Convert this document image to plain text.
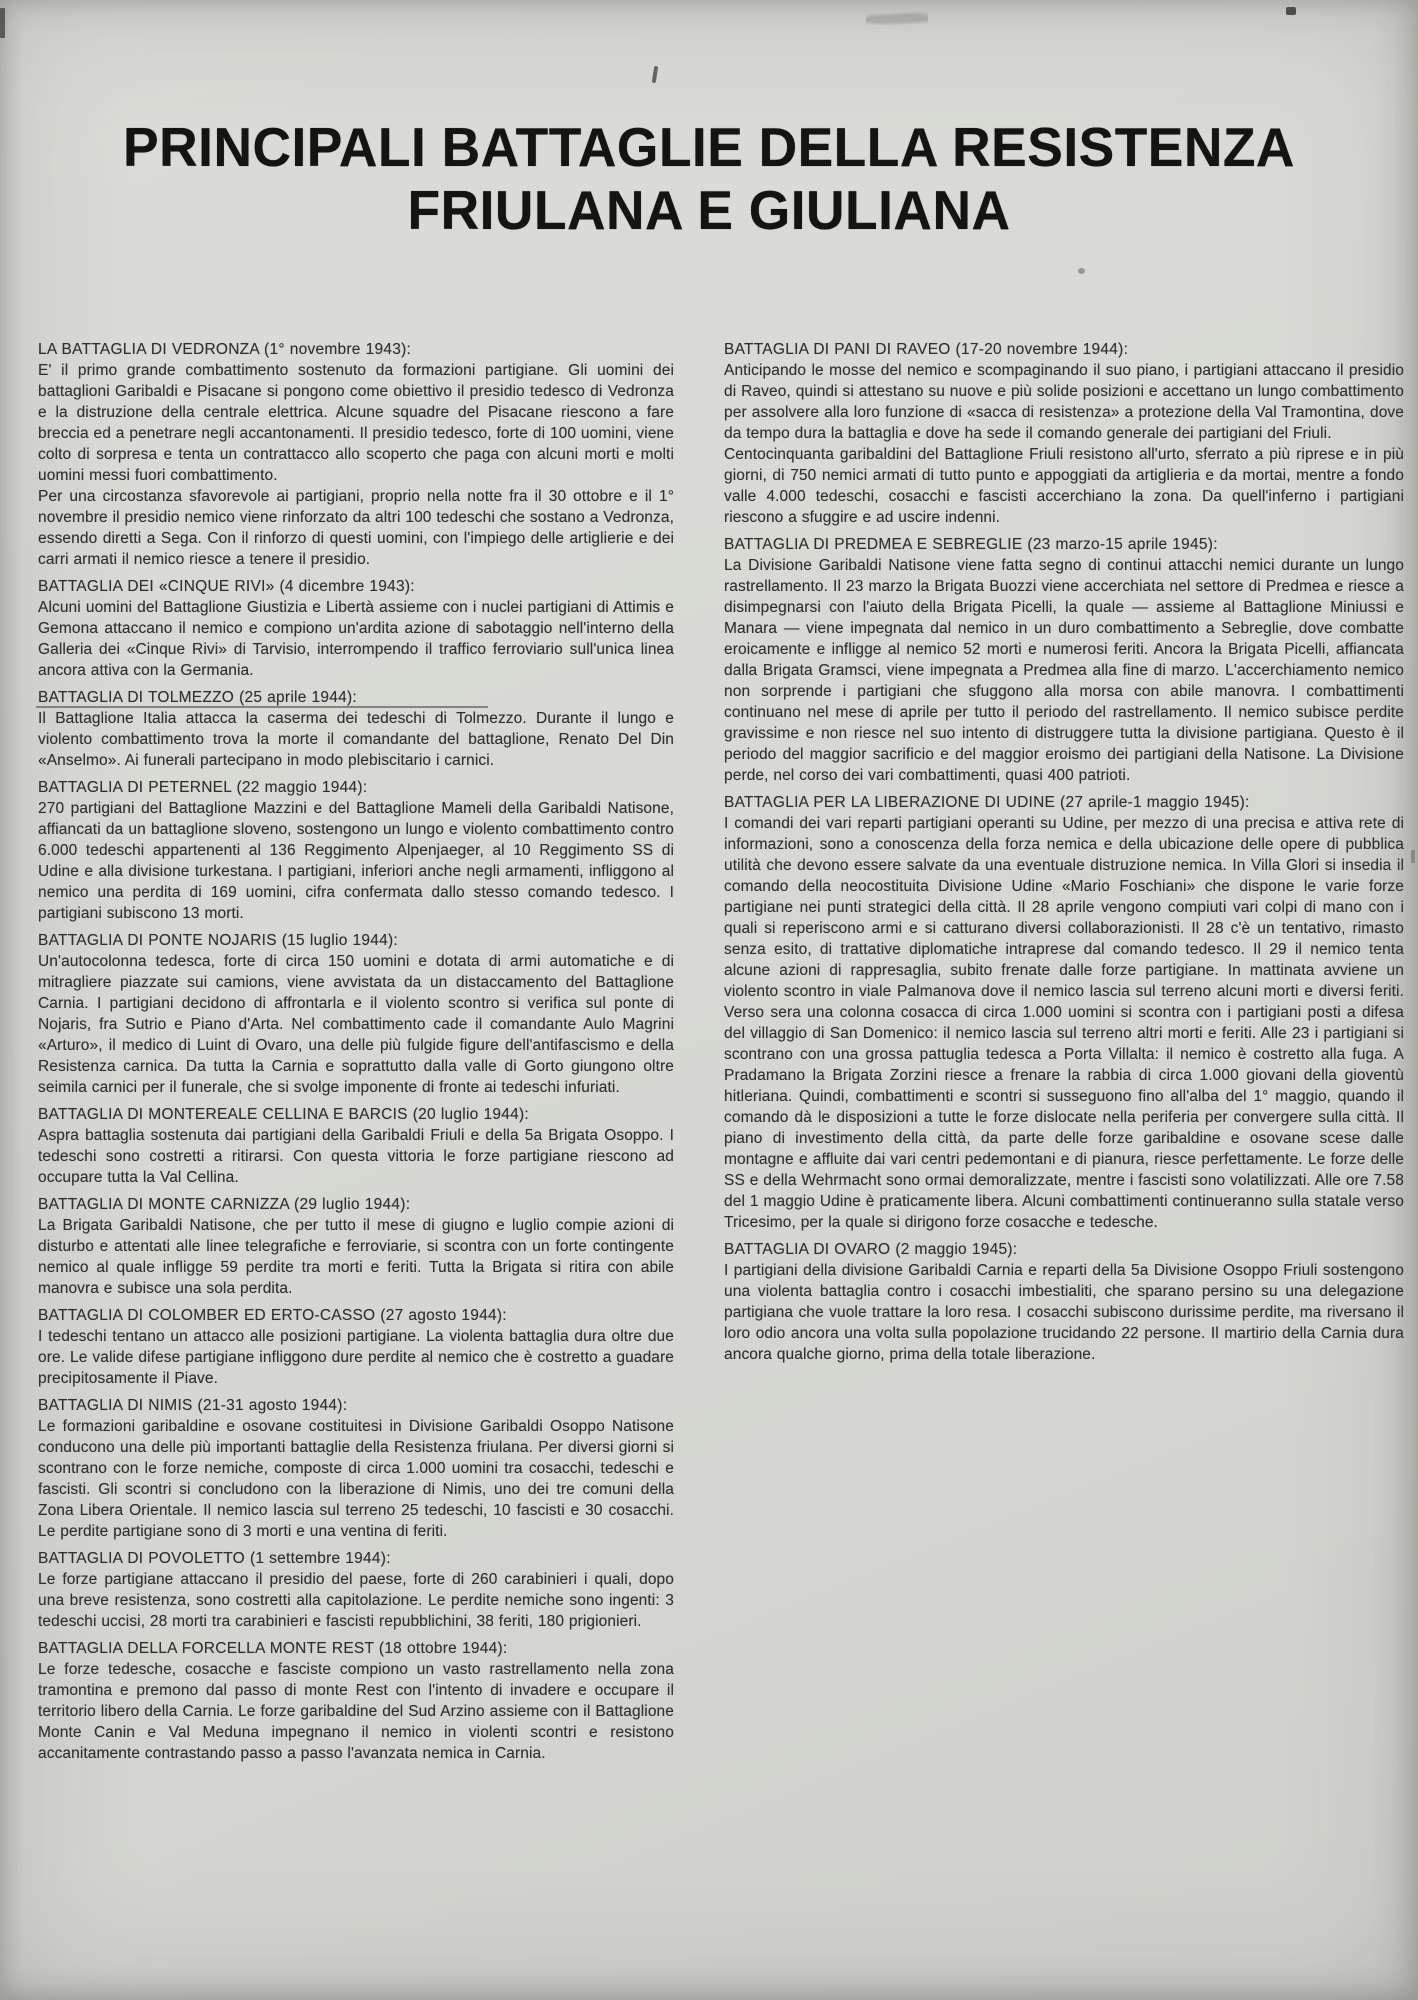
PRINCIPALI BATTAGLIE DELLA RESISTENZA
FRIULANA E GIULIANA
LA BATTAGLIA DI VEDRONZA (1° novembre 1943):

E' il primo grande combattimento sostenuto da formazioni partigiane. Gli uomini dei battaglioni Garibaldi e Pisacane si pongono come obiettivo il presidio tedesco di Vedronza e la distruzione della centrale elettrica. Alcune squadre del Pisacane riescono a fare breccia ed a penetrare negli accantonamenti. Il presidio tedesco, forte di 100 uomini, viene colto di sorpresa e tenta un contrattacco allo scoperto che paga con alcuni morti e molti uomini messi fuori combattimento.

Per una circostanza sfavorevole ai partigiani, proprio nella notte fra il 30 ottobre e il 1° novembre il presidio nemico viene rinforzato da altri 100 tedeschi che sostano a Vedronza, essendo diretti a Sega. Con il rinforzo di questi uomini, con l'impiego delle artiglierie e dei carri armati il nemico riesce a tenere il presidio.

BATTAGLIA DEI «CINQUE RIVI» (4 dicembre 1943):

Alcuni uomini del Battaglione Giustizia e Libertà assieme con i nuclei partigiani di Attimis e Gemona attaccano il nemico e compiono un'ardita azione di sabotaggio nell'interno della Galleria dei «Cinque Rivi» di Tarvisio, interrompendo il traffico ferroviario sull'unica linea ancora attiva con la Germania.

BATTAGLIA DI TOLMEZZO (25 aprile 1944):

Il Battaglione Italia attacca la caserma dei tedeschi di Tolmezzo. Durante il lungo e violento combattimento trova la morte il comandante del battaglione, Renato Del Din «Anselmo». Ai funerali partecipano in modo plebiscitario i carnici.

BATTAGLIA DI PETERNEL (22 maggio 1944):

270 partigiani del Battaglione Mazzini e del Battaglione Mameli della Garibaldi Natisone, affiancati da un battaglione sloveno, sostengono un lungo e violento combattimento contro 6.000 tedeschi appartenenti al 136 Reggimento Alpenjaeger, al 10 Reggimento SS di Udine e alla divisione turkestana. I partigiani, inferiori anche negli armamenti, infliggono al nemico una perdita di 169 uomini, cifra confermata dallo stesso comando tedesco. I partigiani subiscono 13 morti.

BATTAGLIA DI PONTE NOJARIS (15 luglio 1944):

Un'autocolonna tedesca, forte di circa 150 uomini e dotata di armi automatiche e di mitragliere piazzate sui camions, viene avvistata da un distaccamento del Battaglione Carnia. I partigiani decidono di affrontarla e il violento scontro si verifica sul ponte di Nojaris, fra Sutrio e Piano d'Arta. Nel combattimento cade il comandante Aulo Magrini «Arturo», il medico di Luint di Ovaro, una delle più fulgide figure dell'antifascismo e della Resistenza carnica. Da tutta la Carnia e soprattutto dalla valle di Gorto giungono oltre seimila carnici per il funerale, che si svolge imponente di fronte ai tedeschi infuriati.

BATTAGLIA DI MONTEREALE CELLINA E BARCIS (20 luglio 1944):

Aspra battaglia sostenuta dai partigiani della Garibaldi Friuli e della 5a Brigata Osoppo. I tedeschi sono costretti a ritirarsi. Con questa vittoria le forze partigiane riescono ad occupare tutta la Val Cellina.

BATTAGLIA DI MONTE CARNIZZA (29 luglio 1944):

La Brigata Garibaldi Natisone, che per tutto il mese di giugno e luglio compie azioni di disturbo e attentati alle linee telegrafiche e ferroviarie, si scontra con un forte contingente nemico al quale infligge 59 perdite tra morti e feriti. Tutta la Brigata si ritira con abile manovra e subisce una sola perdita.

BATTAGLIA DI COLOMBER ED ERTO-CASSO (27 agosto 1944):

I tedeschi tentano un attacco alle posizioni partigiane. La violenta battaglia dura oltre due ore. Le valide difese partigiane infliggono dure perdite al nemico che è costretto a guadare precipitosamente il Piave.

BATTAGLIA DI NIMIS (21-31 agosto 1944):

Le formazioni garibaldine e osovane costituitesi in Divisione Garibaldi Osoppo Natisone conducono una delle più importanti battaglie della Resistenza friulana. Per diversi giorni si scontrano con le forze nemiche, composte di circa 1.000 uomini tra cosacchi, tedeschi e fascisti. Gli scontri si concludono con la liberazione di Nimis, uno dei tre comuni della Zona Libera Orientale. Il nemico lascia sul terreno 25 tedeschi, 10 fascisti e 30 cosacchi. Le perdite partigiane sono di 3 morti e una ventina di feriti.

BATTAGLIA DI POVOLETTO (1 settembre 1944):

Le forze partigiane attaccano il presidio del paese, forte di 260 carabinieri i quali, dopo una breve resistenza, sono costretti alla capitolazione. Le perdite nemiche sono ingenti: 3 tedeschi uccisi, 28 morti tra carabinieri e fascisti repubblichini, 38 feriti, 180 prigionieri.

BATTAGLIA DELLA FORCELLA MONTE REST (18 ottobre 1944):

Le forze tedesche, cosacche e fasciste compiono un vasto rastrellamento nella zona tramontina e premono dal passo di monte Rest con l'intento di invadere e occupare il territorio libero della Carnia. Le forze garibaldine del Sud Arzino assieme con il Battaglione Monte Canin e Val Meduna impegnano il nemico in violenti scontri e resistono accanitamente contrastando passo a passo l'avanzata nemica in Carnia.

BATTAGLIA DI PANI DI RAVEO (17-20 novembre 1944):

Anticipando le mosse del nemico e scompaginando il suo piano, i partigiani attaccano il presidio di Raveo, quindi si attestano su nuove e più solide posizioni e accettano un lungo combattimento per assolvere alla loro funzione di «sacca di resistenza» a protezione della Val Tramontina, dove da tempo dura la battaglia e dove ha sede il comando generale dei partigiani del Friuli.

Centocinquanta garibaldini del Battaglione Friuli resistono all'urto, sferrato a più riprese e in più giorni, di 750 nemici armati di tutto punto e appoggiati da artiglieria e da mortai, mentre a fondo valle 4.000 tedeschi, cosacchi e fascisti accerchiano la zona. Da quell'inferno i partigiani riescono a sfuggire e ad uscire indenni.

BATTAGLIA DI PREDMEA E SEBREGLIE (23 marzo-15 aprile 1945):

La Divisione Garibaldi Natisone viene fatta segno di continui attacchi nemici durante un lungo rastrellamento. Il 23 marzo la Brigata Buozzi viene accerchiata nel settore di Predmea e riesce a disimpegnarsi con l'aiuto della Brigata Picelli, la quale — assieme al Battaglione Miniussi e Manara — viene impegnata dal nemico in un duro combattimento a Sebreglie, dove combatte eroicamente e infligge al nemico 52 morti e numerosi feriti. Ancora la Brigata Picelli, affiancata dalla Brigata Gramsci, viene impegnata a Predmea alla fine di marzo. L'accerchiamento nemico non sorprende i partigiani che sfuggono alla morsa con abile manovra. I combattimenti continuano nel mese di aprile per tutto il periodo del rastrellamento. Il nemico subisce perdite gravissime e non riesce nel suo intento di distruggere tutta la divisione partigiana. Questo è il periodo del maggior sacrificio e del maggior eroismo dei partigiani della Natisone. La Divisione perde, nel corso dei vari combattimenti, quasi 400 patrioti.

BATTAGLIA PER LA LIBERAZIONE DI UDINE (27 aprile-1 maggio 1945):

I comandi dei vari reparti partigiani operanti su Udine, per mezzo di una precisa e attiva rete di informazioni, sono a conoscenza della forza nemica e della ubicazione delle opere di pubblica utilità che devono essere salvate da una eventuale distruzione nemica. In Villa Glori si insedia il comando della neocostituita Divisione Udine «Mario Foschiani» che dispone le varie forze partigiane nei punti strategici della città. Il 28 aprile vengono compiuti vari colpi di mano con i quali si reperiscono armi e si catturano diversi collaborazionisti. Il 28 c'è un tentativo, rimasto senza esito, di trattative diplomatiche intraprese dal comando tedesco. Il 29 il nemico tenta alcune azioni di rappresaglia, subito frenate dalle forze partigiane. In mattinata avviene un violento scontro in viale Palmanova dove il nemico lascia sul terreno alcuni morti e diversi feriti. Verso sera una colonna cosacca di circa 1.000 uomini si scontra con i partigiani posti a difesa del villaggio di San Domenico: il nemico lascia sul terreno altri morti e feriti. Alle 23 i partigiani si scontrano con una grossa pattuglia tedesca a Porta Villalta: il nemico è costretto alla fuga. A Pradamano la Brigata Zorzini riesce a frenare la rabbia di circa 1.000 giovani della gioventù hitleriana. Quindi, combattimenti e scontri si susseguono fino all'alba del 1° maggio, quando il comando dà le disposizioni a tutte le forze dislocate nella periferia per convergere sulla città. Il piano di investimento della città, da parte delle forze garibaldine e osovane scese dalle montagne e affluite dai vari centri pedemontani e di pianura, riesce perfettamente. Le forze delle SS e della Wehrmacht sono ormai demoralizzate, mentre i fascisti sono volatilizzati. Alle ore 7.58 del 1 maggio Udine è praticamente libera. Alcuni combattimenti continueranno sulla statale verso Tricesimo, per la quale si dirigono forze cosacche e tedesche.

BATTAGLIA DI OVARO (2 maggio 1945):

I partigiani della divisione Garibaldi Carnia e reparti della 5a Divisione Osoppo Friuli sostengono una violenta battaglia contro i cosacchi imbestialiti, che sparano persino su una delegazione partigiana che vuole trattare la loro resa. I cosacchi subiscono durissime perdite, ma riversano il loro odio ancora una volta sulla popolazione trucidando 22 persone. Il martirio della Carnia dura ancora qualche giorno, prima della totale liberazione.
